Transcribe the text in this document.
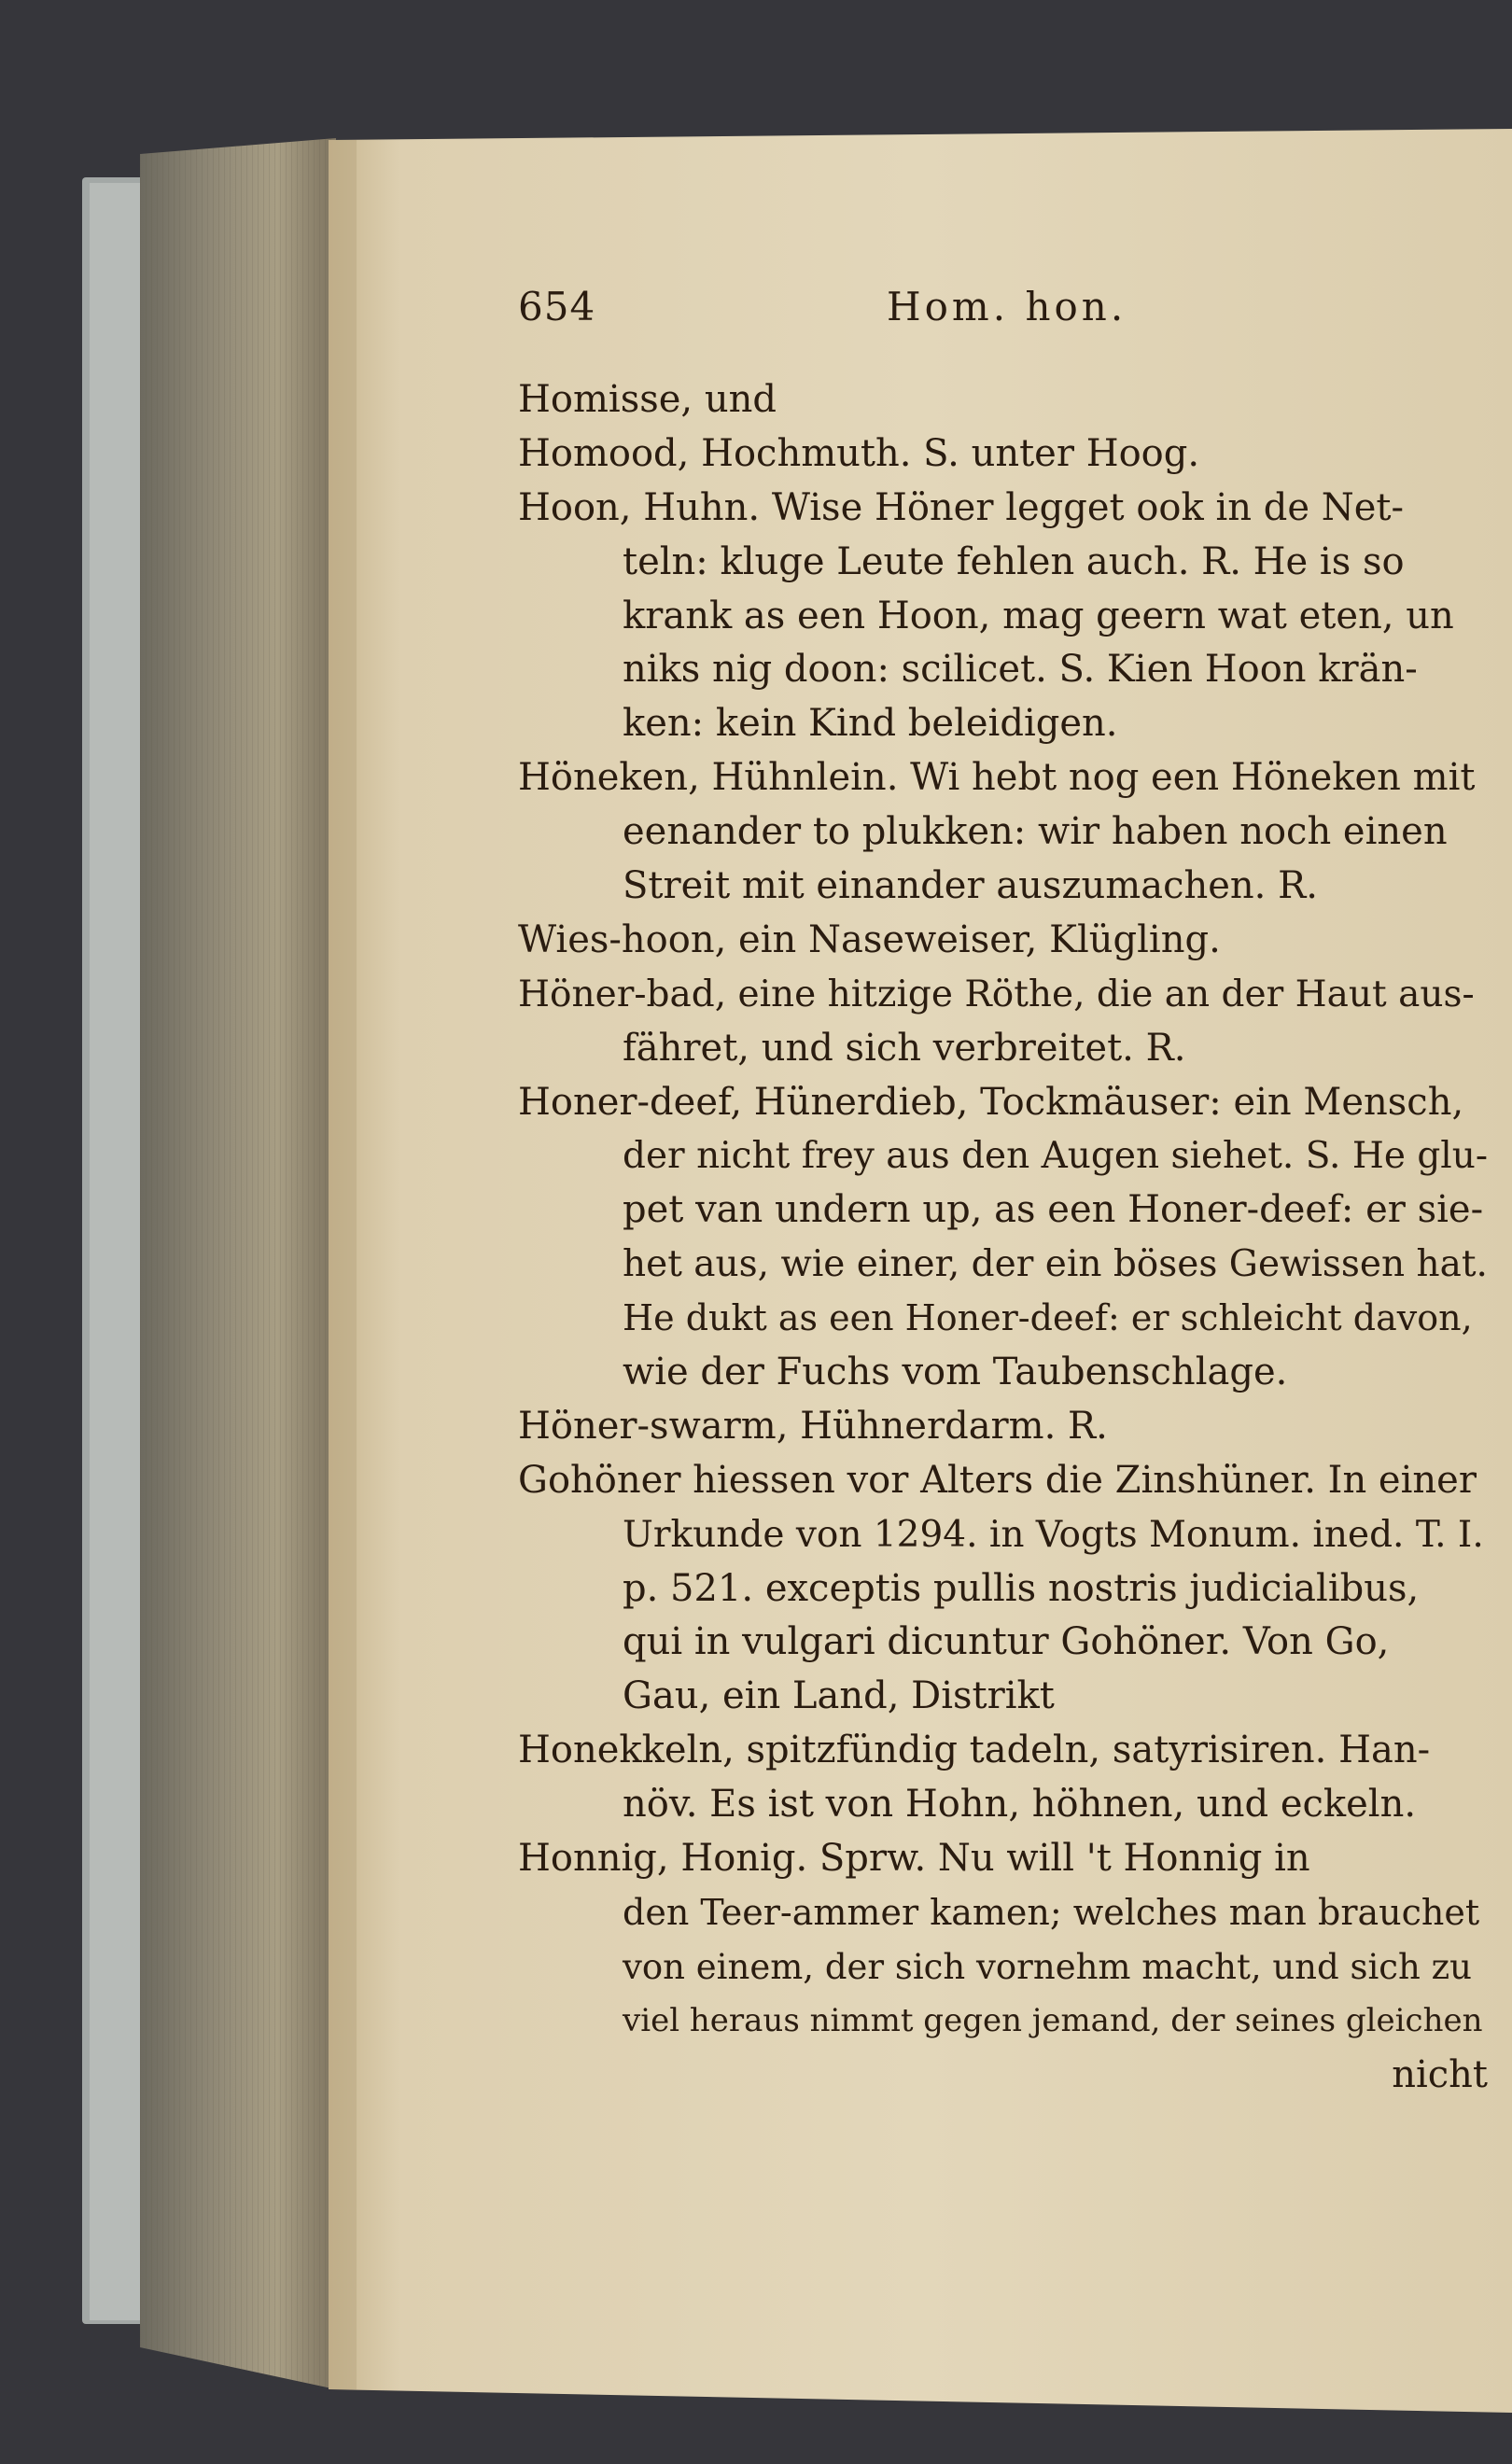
654	Hom. hon.
Homisse, und
Homood, Hochmuth. S. unter Hoog.
Hoon, Huhn. Wise Höner legget ook in de Net-
teln: kluge Leute fehlen auch. R. He is so
krank as een Hoon, mag geern wat eten, un
niks nig doon: scilicet. S. Kien Hoon krän-
ken: kein Kind beleidigen.
Höneken, Hühnlein. Wi hebt nog een Höneken mit
eenander to plukken: wir haben noch einen
Streit mit einander auszumachen. R.
Wies-hoon, ein Naseweiser, Klügling.
Höner-bad, eine hitzige Röthe, die an der Haut aus-
fähret, und sich verbreitet. R.
Honer-deef, Hünerdieb, Tockmäuser: ein Mensch,
der nicht frey aus den Augen siehet. S. He glu-
pet van undern up, as een Honer-deef: er sie-
het aus, wie einer, der ein böses Gewissen hat.
He dukt as een Honer-deef: er schleicht davon,
wie der Fuchs vom Taubenschlage.
Höner-swarm, Hühnerdarm. R.
Gohöner hiessen vor Alters die Zinshüner. In einer
Urkunde von 1294. in Vogts Monum. ined. T. I.
p. 521. exceptis pullis nostris judicialibus,
qui in vulgari dicuntur Gohöner. Von Go,
Gau, ein Land, Distrikt
Honekkeln, spitzfündig tadeln, satyrisiren. Han-
növ. Es ist von Hohn, höhnen, und eckeln.
Honnig, Honig. Sprw. Nu will 't Honnig in
den Teer-ammer kamen; welches man brauchet
von einem, der sich vornehm macht, und sich zu
viel heraus nimmt gegen jemand, der seines gleichen
nicht
